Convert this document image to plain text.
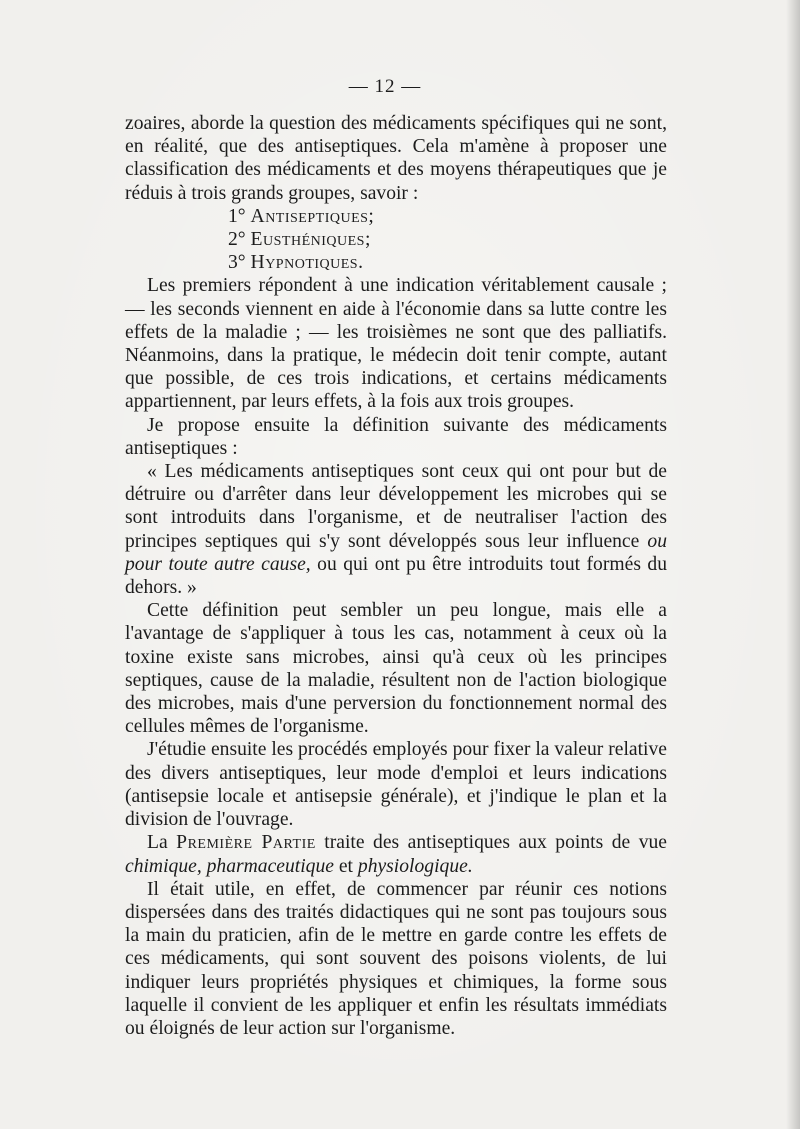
— 12 —

zoaires, aborde la question des médicaments spécifiques qui ne sont, en réalité, que des antiseptiques. Cela m'amène à proposer une classification des médicaments et des moyens thérapeutiques que je réduis à trois grands groupes, savoir :

1° Antiseptiques;

2° Eusthéniques;

3° Hypnotiques.

Les premiers répondent à une indication véritablement causale ; — les seconds viennent en aide à l'économie dans sa lutte contre les effets de la maladie ; — les troisièmes ne sont que des palliatifs. Néanmoins, dans la pratique, le médecin doit tenir compte, autant que possible, de ces trois indications, et certains médicaments appartiennent, par leurs effets, à la fois aux trois groupes.

Je propose ensuite la définition suivante des médicaments antiseptiques :

« Les médicaments antiseptiques sont ceux qui ont pour but de détruire ou d'arrêter dans leur développement les microbes qui se sont introduits dans l'organisme, et de neutraliser l'action des principes septiques qui s'y sont développés sous leur influence ou pour toute autre cause, ou qui ont pu être introduits tout formés du dehors. »

Cette définition peut sembler un peu longue, mais elle a l'avantage de s'appliquer à tous les cas, notamment à ceux où la toxine existe sans microbes, ainsi qu'à ceux où les principes septiques, cause de la maladie, résultent non de l'action biologique des microbes, mais d'une perversion du fonctionnement normal des cellules mêmes de l'organisme.

J'étudie ensuite les procédés employés pour fixer la valeur relative des divers antiseptiques, leur mode d'emploi et leurs indications (antisepsie locale et antisepsie générale), et j'indique le plan et la division de l'ouvrage.

La Première Partie traite des antiseptiques aux points de vue chimique, pharmaceutique et physiologique.

Il était utile, en effet, de commencer par réunir ces notions dispersées dans des traités didactiques qui ne sont pas toujours sous la main du praticien, afin de le mettre en garde contre les effets de ces médicaments, qui sont souvent des poisons violents, de lui indiquer leurs propriétés physiques et chimiques, la forme sous laquelle il convient de les appliquer et enfin les résultats immédiats ou éloignés de leur action sur l'organisme.
